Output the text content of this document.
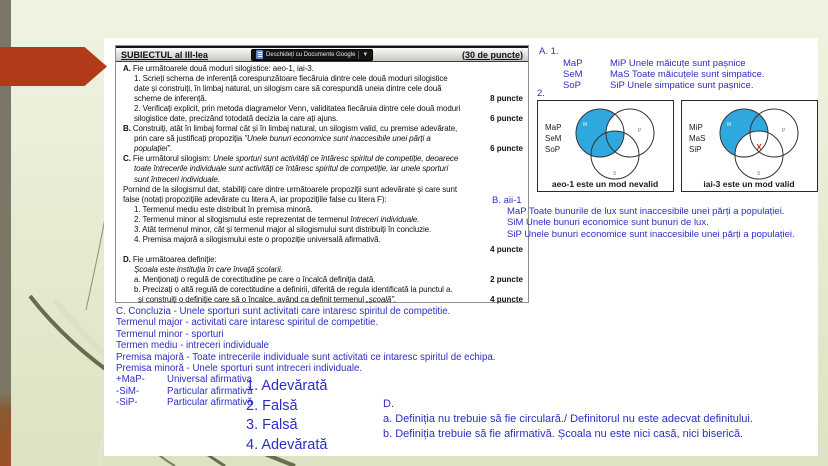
SUBIECTUL al III-lea	Deschideți cu Documente Google	▼	(30 de puncte)
A. Fie următoarele două moduri silogistice: aeo-1, iai-3.
1. Scrieți schema de inferență corespunzătoare fiecăruia dintre cele două moduri silogistice
date și construiți, în limbaj natural, un silogism care să corespundă uneia dintre cele două
8 puncte
scheme de inferență.
2. Verificați explicit, prin metoda diagramelor Venn, validitatea fiecăruia dintre cele două moduri
6 puncte
silogistice date, precizând totodată decizia la care ați ajuns.
B. Construiți, atât în limbaj formal cât și în limbaj natural, un silogism valid, cu premise adevărate,
prin care să justificați propoziția "Unele bunuri economice sunt inaccesibile unei părți a
6 puncte
populației".
C. Fie următorul silogism: Unele sporturi sunt activități ce întăresc spiritul de competiție, deoarece
toate întrecerile individuale sunt activități ce întăresc spiritul de competiție, iar unele sporturi
sunt întreceri individuale.
Pornind de la silogismul dat, stabiliți care dintre următoarele propoziții sunt adevărate și care sunt
false (notați propozițiile adevărate cu litera A, iar propozițiile false cu litera F):
1. Termenul mediu este distribuit în premisa minoră.
2. Termenul minor al silogismului este reprezentat de termenul întreceri individuale.
3. Atât termenul minor, cât și termenul major al silogismului sunt distribuiți în concluzie.
4. Premisa majoră a silogismului este o propoziție universală afirmativă.
4 puncte
D. Fie următoarea definiție:
Școala este instituția în care învață școlarii.
2 puncte
a. Menționați o regulă de corectitudine pe care o încalcă definiția dată.
b. Precizați o altă regulă de corectitudine a definirii, diferită de regula identificată la punctul a.
4 puncte
și construiți o definiție care să o încalce, având ca definit termenul „școală".
A. 1.
MaP	MiP Unele măicuțe sunt pașnice
SeM	MaS Toate măicuțele sunt simpatice.
SoP	SiP Unele simpatice sunt pașnice.
2.
MaP
SeM
SoP
M
P
S
aeo-1 este un mod nevalid
MiP
MaS
SiP
M
P
S
X
iai-3 este un mod valid
B. aii-1
MaP Toate bunurile de lux sunt inaccesibile unei părți a populației.
SiM Unele bunuri economice sunt bunuri de lux.
SiP Unele bunuri economice sunt inaccesibile unei părți a populației.
C. Concluzia - Unele sporturi sunt activitati care intaresc spiritul de competitie.
Termenul major - activitati care intaresc spiritul de competitie.
Termenul minor - sporturi
Termen mediu - intreceri individuale
Premisa majoră - Toate intrecerile individuale sunt activitati ce intaresc spiritul de echipa.
Premisa minoră - Unele sporturi sunt intreceri individuale.
+MaP-	Universal afirmativa
-SiM-	Particular afirmativă
-SiP-	Particular afirmativă
1. Adevărată
2. Falsă
3. Falsă
4. Adevărată
D.
a. Definiția nu trebuie să fie circulară./ Definitorul nu este adecvat definitului.
b. Definiția trebuie să fie afirmativă. Școala nu este nici casă, nici biserică.
